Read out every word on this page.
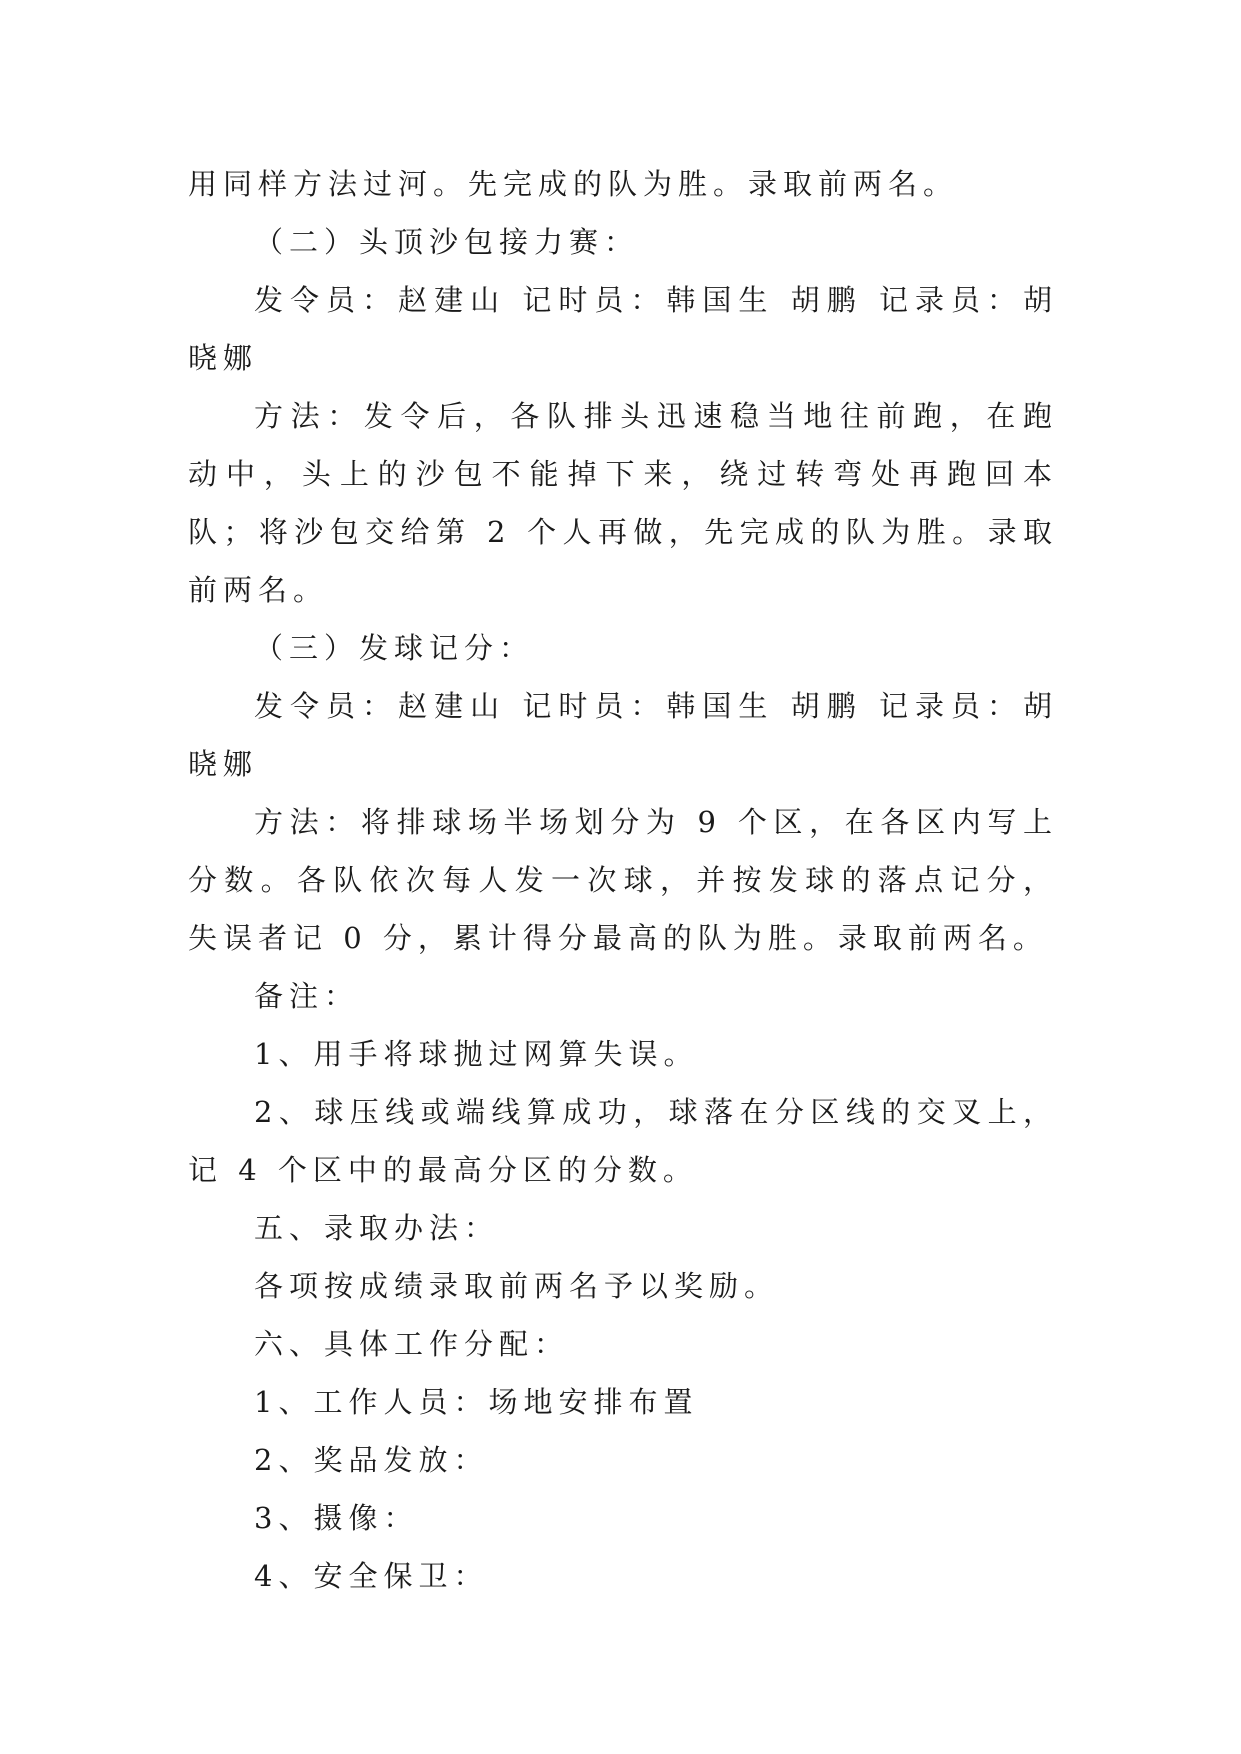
用同样方法过河。先完成的队为胜。录取前两名。

（二）头顶沙包接力赛：

发令员：赵建山 记时员：韩国生 胡鹏 记录员：胡晓娜

方法：发令后，各队排头迅速稳当地往前跑，在跑动中，头上的沙包不能掉下来，绕过转弯处再跑回本队；将沙包交给第 2 个人再做，先完成的队为胜。录取前两名。

（三）发球记分：

发令员：赵建山 记时员：韩国生 胡鹏 记录员：胡晓娜

方法：将排球场半场划分为 9 个区，在各区内写上分数。各队依次每人发一次球，并按发球的落点记分，失误者记 0 分，累计得分最高的队为胜。录取前两名。

备注：

1、用手将球抛过网算失误。

2、球压线或端线算成功，球落在分区线的交叉上，记 4 个区中的最高分区的分数。

五、录取办法：

各项按成绩录取前两名予以奖励。

六、具体工作分配：

1、工作人员：场地安排布置

2、奖品发放：

3、摄像：

4、安全保卫：
